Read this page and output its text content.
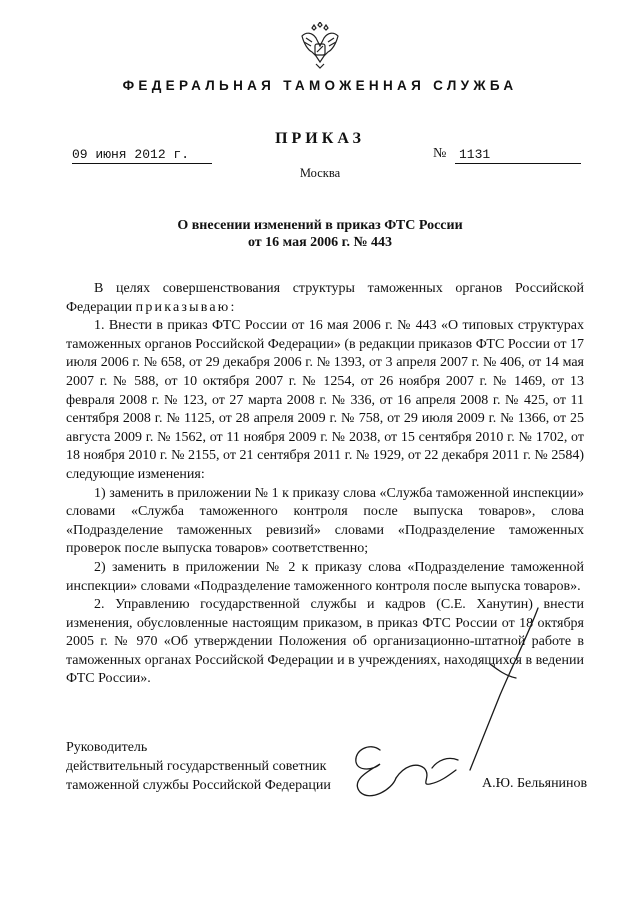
ФЕДЕРАЛЬНАЯ ТАМОЖЕННАЯ СЛУЖБА
ПРИКАЗ
09 июня 2012 г.	№ 1131
Москва
О внесении изменений в приказ ФТС России
от 16 мая 2006 г. № 443

В целях совершенствования структуры таможенных органов Российской Федерации приказываю:

1. Внести в приказ ФТС России от 16 мая 2006 г. № 443 «О типовых структурах таможенных органов Российской Федерации» (в редакции приказов ФТС России от 17 июля 2006 г. № 658, от 29 декабря 2006 г. № 1393, от 3 апреля 2007 г. № 406, от 14 мая 2007 г. № 588, от 10 октября 2007 г. № 1254, от 26 ноября 2007 г. № 1469, от 13 февраля 2008 г. № 123, от 27 марта 2008 г. № 336, от 16 апреля 2008 г. № 425, от 11 сентября 2008 г. № 1125, от 28 апреля 2009 г. № 758, от 29 июля 2009 г. № 1366, от 25 августа 2009 г. № 1562, от 11 ноября 2009 г. № 2038, от 15 сентября 2010 г. № 1702, от 18 ноября 2010 г. № 2155, от 21 сентября 2011 г. № 1929, от 22 декабря 2011 г. № 2584) следующие изменения:

1) заменить в приложении № 1 к приказу слова «Служба таможенной инспекции» словами «Служба таможенного контроля после выпуска товаров», слова «Подразделение таможенных ревизий» словами «Подразделение таможенных проверок после выпуска товаров» соответственно;

2) заменить в приложении № 2 к приказу слова «Подразделение таможенной инспекции» словами «Подразделение таможенного контроля после выпуска товаров».

2. Управлению государственной службы и кадров (С.Е. Ханутин) внести изменения, обусловленные настоящим приказом, в приказ ФТС России от 18 октября 2005 г. № 970 «Об утверждении Положения об организационно-штатной работе в таможенных органах Российской Федерации и в учреждениях, находящихся в ведении ФТС России».

Руководитель
действительный государственный советник
таможенной службы Российской Федерации	А.Ю. Бельянинов
